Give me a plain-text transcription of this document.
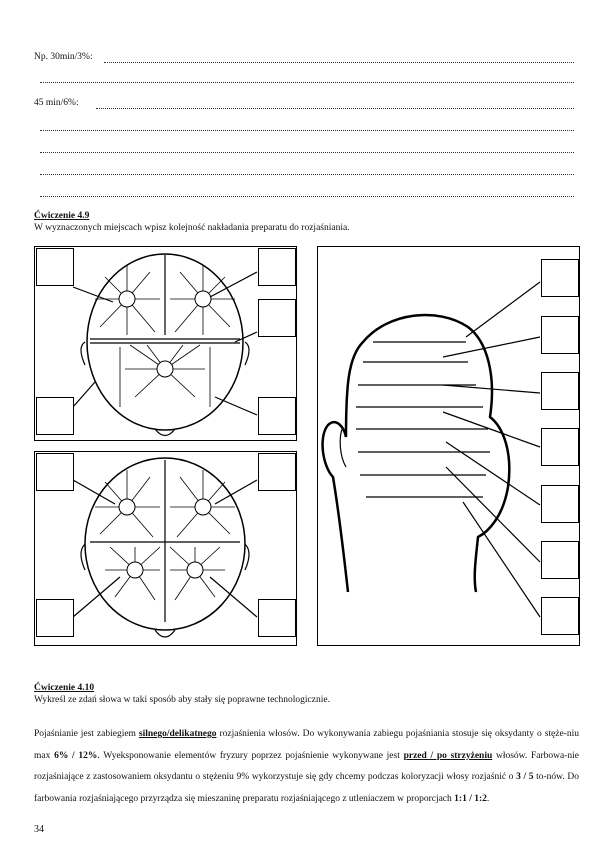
Np. 30min/3%:
45 min/6%:
Ćwiczenie 4.9
W wyznaczonych miejscach wpisz kolejność nakładania preparatu do rozjaśniania.
Ćwiczenie 4.10
Wykreśl ze zdań słowa w taki sposób aby stały się poprawne technologicznie.
Pojaśnianie jest zabiegiem silnego/delikatnego rozjaśnienia włosów. Do wykonywania zabiegu pojaśniania stosuje się oksydanty o stęże-niu max 6% / 12%. Wyeksponowanie elementów fryzury poprzez pojaśnienie wykonywane jest przed / po strzyżeniu włosów. Farbowa-nie rozjaśniające z zastosowaniem oksydantu o stężeniu 9% wykorzystuje się gdy chcemy podczas koloryzacji włosy rozjaśnić o 3 / 5 to-nów. Do farbowania rozjaśniającego przyrządza się mieszaninę preparatu rozjaśniającego z utleniaczem w proporcjach 1:1 / 1:2.
34
